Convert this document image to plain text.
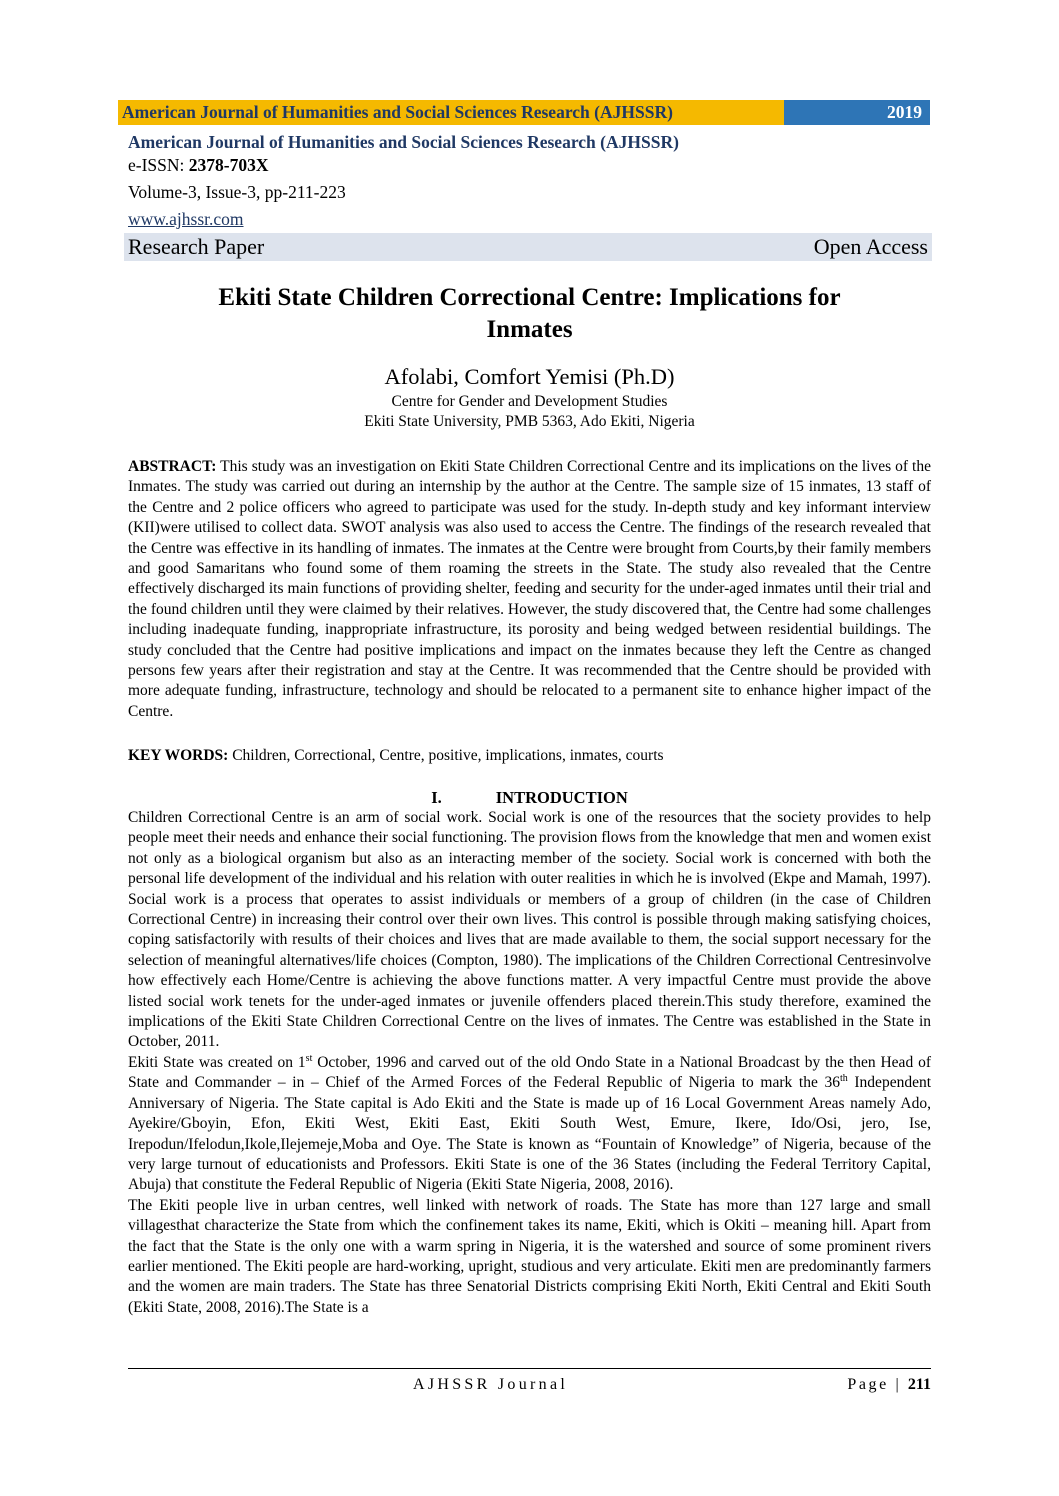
American Journal of Humanities and Social Sciences Research (AJHSSR)	2019
American Journal of Humanities and Social Sciences Research (AJHSSR)
e-ISSN: 2378-703X
Volume-3, Issue-3, pp-211-223
www.ajhssr.com
Research Paper	Open Access
Ekiti State Children Correctional Centre: Implications for
Inmates
Afolabi, Comfort Yemisi (Ph.D)
Centre for Gender and Development Studies
Ekiti State University, PMB 5363, Ado Ekiti, Nigeria
ABSTRACT: This study was an investigation on Ekiti State Children Correctional Centre and its implications on the lives of the Inmates. The study was carried out during an internship by the author at the Centre. The sample size of 15 inmates, 13 staff of the Centre and 2 police officers who agreed to participate was used for the study. In-depth study and key informant interview (KII)were utilised to collect data. SWOT analysis was also used to access the Centre. The findings of the research revealed that the Centre was effective in its handling of inmates. The inmates at the Centre were brought from Courts,by their family members and good Samaritans who found some of them roaming the streets in the State. The study also revealed that the Centre effectively discharged its main functions of providing shelter, feeding and security for the under-aged inmates until their trial and the found children until they were claimed by their relatives. However, the study discovered that, the Centre had some challenges including inadequate funding, inappropriate infrastructure, its porosity and being wedged between residential buildings. The study concluded that the Centre had positive implications and impact on the inmates because they left the Centre as changed persons few years after their registration and stay at the Centre. It was recommended that the Centre should be provided with more adequate funding, infrastructure, technology and should be relocated to a permanent site to enhance higher impact of the Centre.
KEY WORDS: Children, Correctional, Centre, positive, implications, inmates, courts
I.	INTRODUCTION

Children Correctional Centre is an arm of social work. Social work is one of the resources that the society provides to help people meet their needs and enhance their social functioning. The provision flows from the knowledge that men and women exist not only as a biological organism but also as an interacting member of the society. Social work is concerned with both the personal life development of the individual and his relation with outer realities in which he is involved (Ekpe and Mamah, 1997). Social work is a process that operates to assist individuals or members of a group of children (in the case of Children Correctional Centre) in increasing their control over their own lives. This control is possible through making satisfying choices, coping satisfactorily with results of their choices and lives that are made available to them, the social support necessary for the selection of meaningful alternatives/life choices (Compton, 1980). The implications of the Children Correctional Centresinvolve how effectively each Home/Centre is achieving the above functions matter. A very impactful Centre must provide the above listed social work tenets for the under-aged inmates or juvenile offenders placed therein.This study therefore, examined the implications of the Ekiti State Children Correctional Centre on the lives of inmates. The Centre was established in the State in October, 2011.

Ekiti State was created on 1st October, 1996 and carved out of the old Ondo State in a National Broadcast by the then Head of State and Commander – in – Chief of the Armed Forces of the Federal Republic of Nigeria to mark the 36th Independent Anniversary of Nigeria. The State capital is Ado Ekiti and the State is made up of 16 Local Government Areas namely Ado, Ayekire/Gboyin, Efon, Ekiti West, Ekiti East, Ekiti South West, Emure, Ikere, Ido/Osi, jero, Ise, Irepodun/Ifelodun,Ikole,Ilejemeje,Moba and Oye. The State is known as “Fountain of Knowledge” of Nigeria, because of the very large turnout of educationists and Professors. Ekiti State is one of the 36 States (including the Federal Territory Capital, Abuja) that constitute the Federal Republic of Nigeria (Ekiti State Nigeria, 2008, 2016).

The Ekiti people live in urban centres, well linked with network of roads. The State has more than 127 large and small villagesthat characterize the State from which the confinement takes its name, Ekiti, which is Okiti – meaning hill. Apart from the fact that the State is the only one with a warm spring in Nigeria, it is the watershed and source of some prominent rivers earlier mentioned. The Ekiti people are hard-working, upright, studious and very articulate. Ekiti men are predominantly farmers and the women are main traders. The State has three Senatorial Districts comprising Ekiti North, Ekiti Central and Ekiti South (Ekiti State, 2008, 2016).The State is a

AJHSSR Journal	Page | 211
